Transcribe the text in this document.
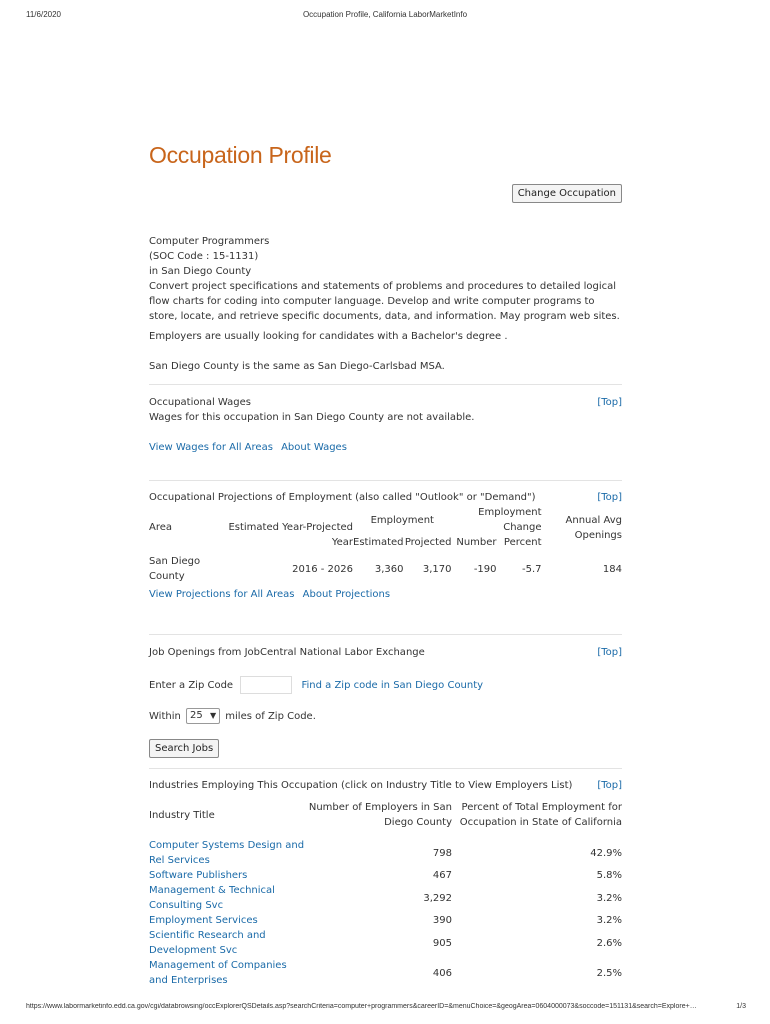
11/6/2020	Occupation Profile, California LaborMarketInfo
Occupation Profile
Change Occupation

Computer Programmers

(SOC Code : 15-1131)

in San Diego County

Convert project specifications and statements of problems and procedures to detailed logical flow charts for coding into computer language. Develop and write computer programs to store, locate, and retrieve specific documents, data, and information. May program web sites.

Employers are usually looking for candidates with a Bachelor's degree .

San Diego County is the same as San Diego-Carlsbad MSA.

Occupational Wages	[Top]
Wages for this occupation in San Diego County are not available.
View Wages for All Areas About Wages
Occupational Projections of Employment (also called "Outlook" or "Demand")	[Top]
Area	Estimated Year-Projected Year	Employment		Employment Change		Annual Avg Openings
		Estimated	Projected	Number	Percent	
San Diego County	2016 - 2026	3,360	3,170	-190	-5.7	184
View Projections for All Areas About Projections
Job Openings from JobCentral National Labor Exchange	[Top]
Enter a Zip Code	Find a Zip code in San Diego County
Within 25 ▼ miles of Zip Code.
Search Jobs
Industries Employing This Occupation (click on Industry Title to View Employers List) [Top]
Industry Title	Number of Employers in San Diego County	Percent of Total Employment for Occupation in State of California
Computer Systems Design and Rel Services	798	42.9%
Software Publishers	467	5.8%
Management & Technical Consulting Svc	3,292	3.2%
Employment Services	390	3.2%
Scientific Research and Development Svc	905	2.6%
Management of Companies and Enterprises	406	2.5%
https://www.labormarketinfo.edd.ca.gov/cgi/databrowsing/occExplorerQSDetails.asp?searchCriteria=computer+programmers&careerID=&menuChoice=&geogArea=0604000073&soccode=151131&search=Explore+…	1/3
